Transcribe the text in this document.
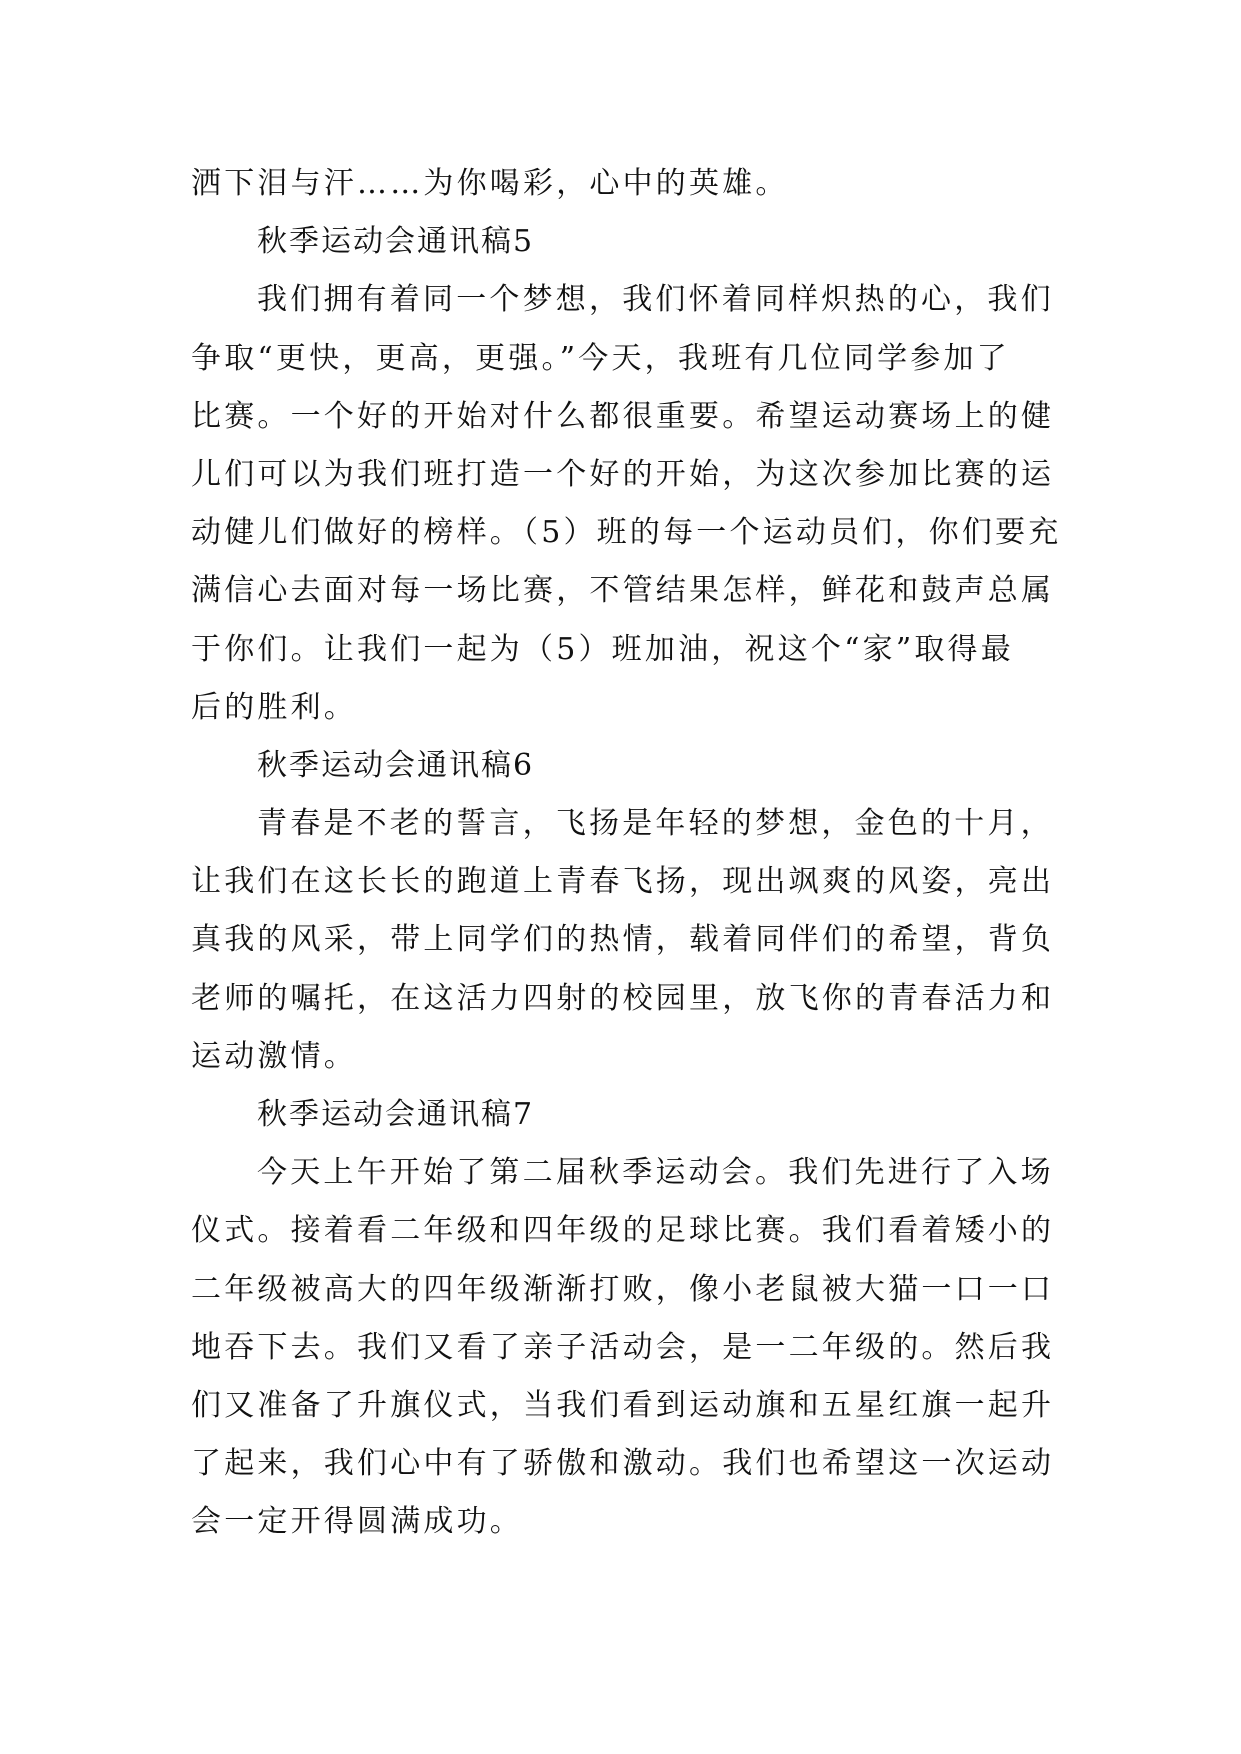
洒下泪与汗……为你喝彩，心中的英雄。
秋季运动会通讯稿5
我们拥有着同一个梦想，我们怀着同样炽热的心，我们
争取“更快，更高，更强。”今天，我班有几位同学参加了
比赛。一个好的开始对什么都很重要。希望运动赛场上的健
儿们可以为我们班打造一个好的开始，为这次参加比赛的运
动健儿们做好的榜样。（5）班的每一个运动员们，你们要充
满信心去面对每一场比赛，不管结果怎样，鲜花和鼓声总属
于你们。让我们一起为（5）班加油，祝这个“家”取得最
后的胜利。
秋季运动会通讯稿6
青春是不老的誓言，飞扬是年轻的梦想，金色的十月，
让我们在这长长的跑道上青春飞扬，现出飒爽的风姿，亮出
真我的风采，带上同学们的热情，载着同伴们的希望，背负
老师的嘱托，在这活力四射的校园里，放飞你的青春活力和
运动激情。
秋季运动会通讯稿7
今天上午开始了第二届秋季运动会。我们先进行了入场
仪式。接着看二年级和四年级的足球比赛。我们看着矮小的
二年级被高大的四年级渐渐打败，像小老鼠被大猫一口一口
地吞下去。我们又看了亲子活动会，是一二年级的。然后我
们又准备了升旗仪式，当我们看到运动旗和五星红旗一起升
了起来，我们心中有了骄傲和激动。我们也希望这一次运动
会一定开得圆满成功。
